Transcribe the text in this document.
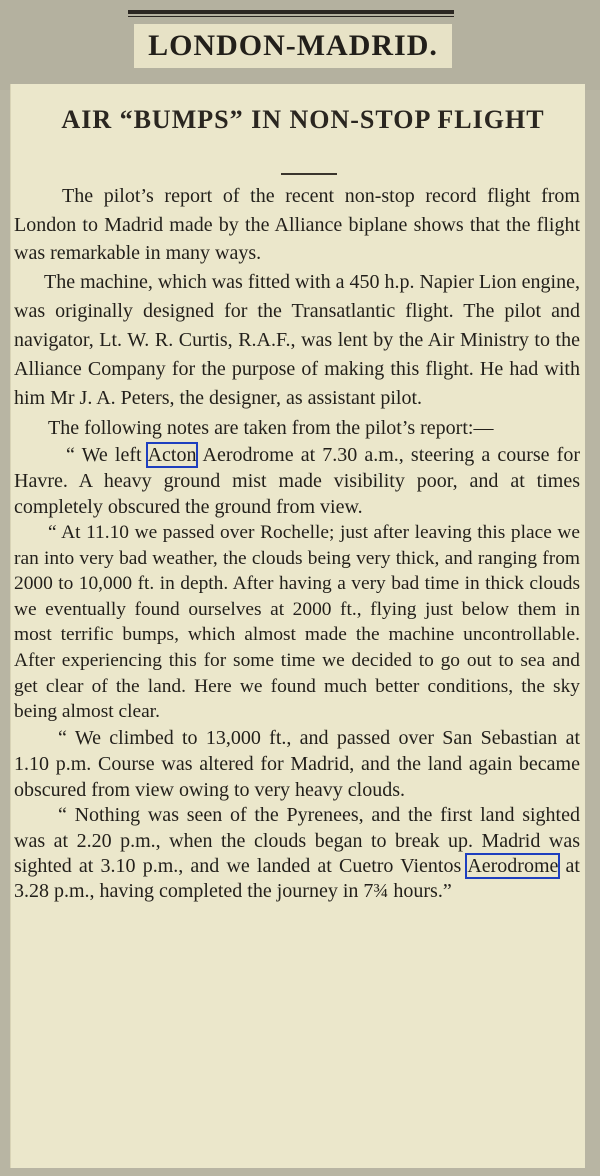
LONDON-MADRID.
AIR “BUMPS” IN NON-STOP FLIGHT

The pilot’s report of the recent non-stop record flight from London to Madrid made by the Alliance biplane shows that the flight was remarkable in many ways.

The machine, which was fitted with a 450 h.p. Napier Lion engine, was originally designed for the Transatlantic flight. The pilot and navigator, Lt. W. R. Curtis, R.A.F., was lent by the Air Ministry to the Alliance Company for the purpose of making this flight. He had with him Mr J. A. Peters, the designer, as assistant pilot.

The following notes are taken from the pilot’s report:—

“ We left Acton Aerodrome at 7.30 a.m., steering a course for Havre. A heavy ground mist made visibility poor, and at times completely obscured the ground from view.

“ At 11.10 we passed over Rochelle; just after leaving this place we ran into very bad weather, the clouds being very thick, and ranging from 2000 to 10,000 ft. in depth. After having a very bad time in thick clouds we eventually found ourselves at 2000 ft., flying just below them in most terrific bumps, which almost made the machine uncontrollable. After experiencing this for some time we decided to go out to sea and get clear of the land. Here we found much better conditions, the sky being almost clear.

“ We climbed to 13,000 ft., and passed over San Sebastian at 1.10 p.m. Course was altered for Madrid, and the land again became obscured from view owing to very heavy clouds.

“ Nothing was seen of the Pyrenees, and the first land sighted was at 2.20 p.m., when the clouds began to break up. Madrid was sighted at 3.10 p.m., and we landed at Cuetro Vientos Aerodrome at 3.28 p.m., having completed the journey in 7¾ hours.”
